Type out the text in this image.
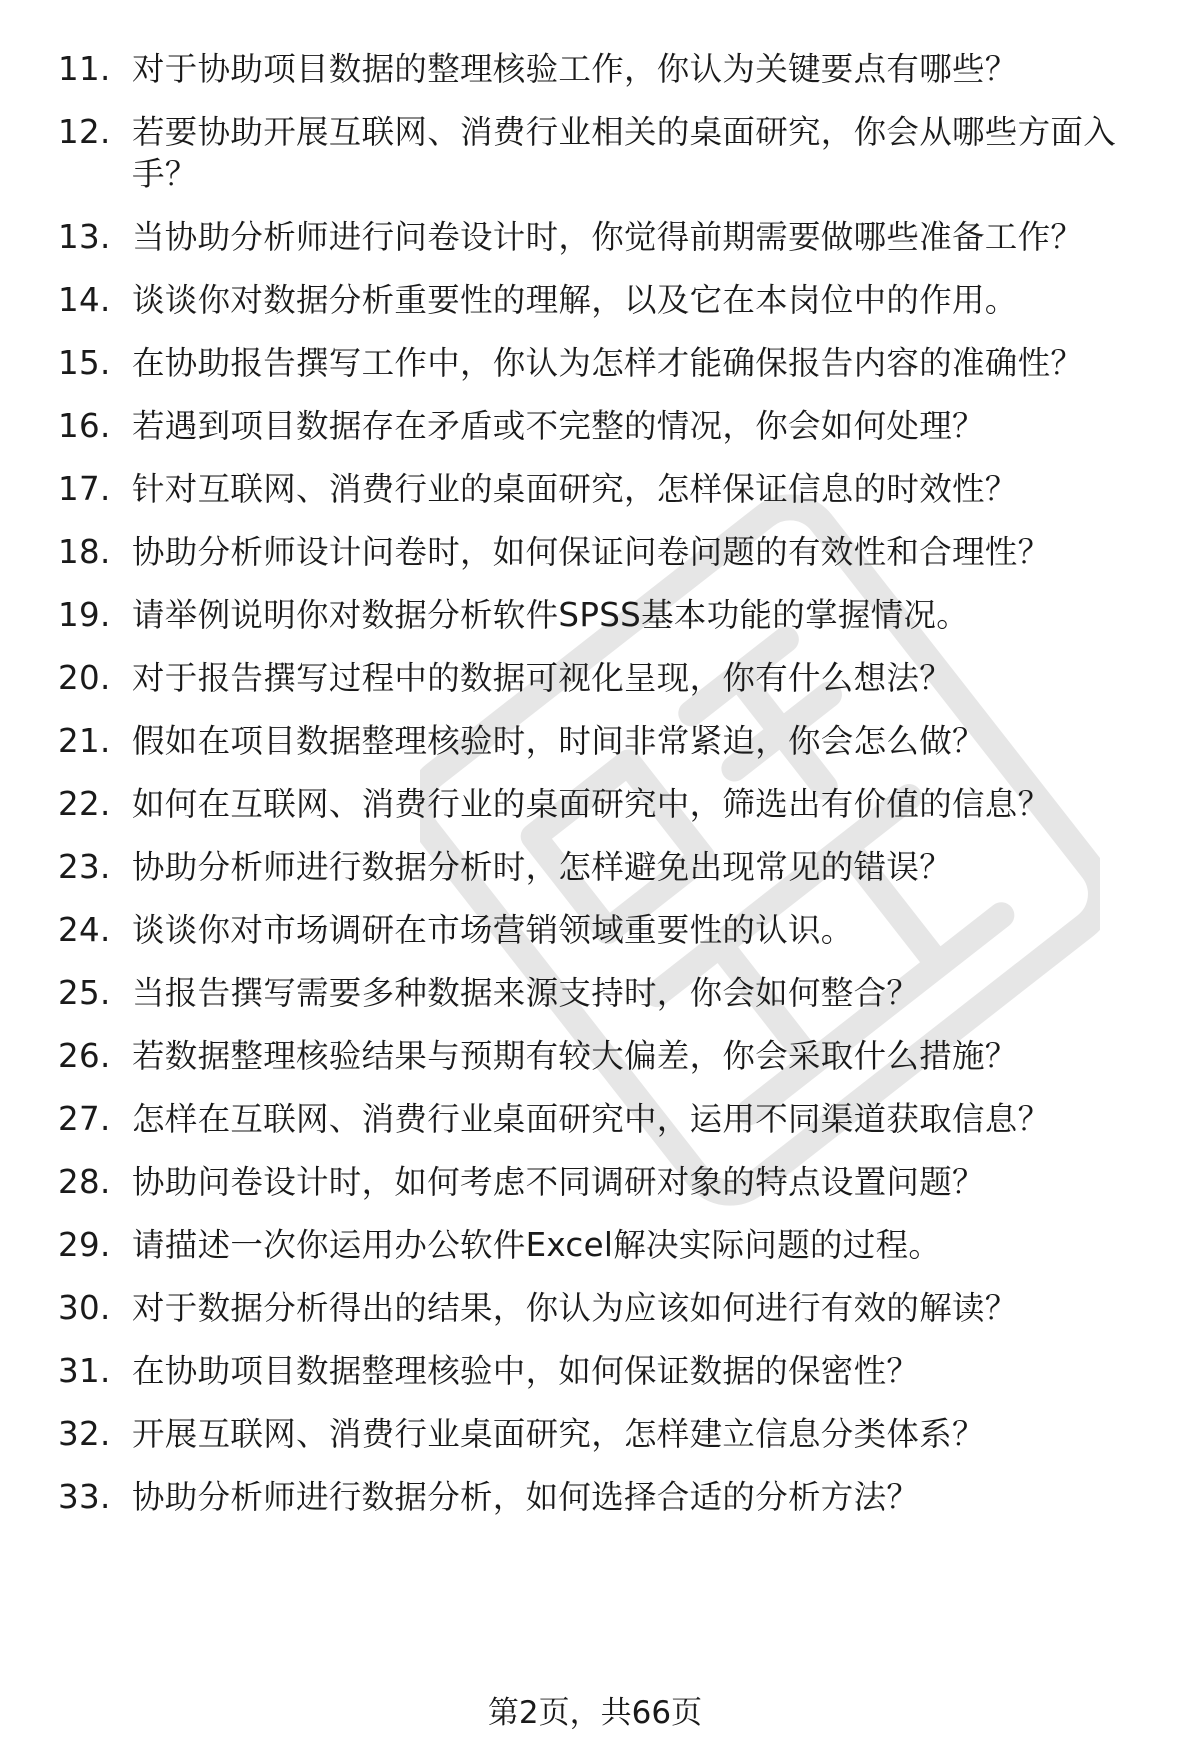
11. 对于协助项目数据的整理核验工作，你认为关键要点有哪些？
12. 若要协助开展互联网、消费行业相关的桌面研究，你会从哪些方面入手？
13. 当协助分析师进行问卷设计时，你觉得前期需要做哪些准备工作？
14. 谈谈你对数据分析重要性的理解，以及它在本岗位中的作用。
15. 在协助报告撰写工作中，你认为怎样才能确保报告内容的准确性？
16. 若遇到项目数据存在矛盾或不完整的情况，你会如何处理？
17. 针对互联网、消费行业的桌面研究，怎样保证信息的时效性？
18. 协助分析师设计问卷时，如何保证问卷问题的有效性和合理性？
19. 请举例说明你对数据分析软件SPSS基本功能的掌握情况。
20. 对于报告撰写过程中的数据可视化呈现，你有什么想法？
21. 假如在项目数据整理核验时，时间非常紧迫，你会怎么做？
22. 如何在互联网、消费行业的桌面研究中，筛选出有价值的信息？
23. 协助分析师进行数据分析时，怎样避免出现常见的错误？
24. 谈谈你对市场调研在市场营销领域重要性的认识。
25. 当报告撰写需要多种数据来源支持时，你会如何整合？
26. 若数据整理核验结果与预期有较大偏差，你会采取什么措施？
27. 怎样在互联网、消费行业桌面研究中，运用不同渠道获取信息？
28. 协助问卷设计时，如何考虑不同调研对象的特点设置问题？
29. 请描述一次你运用办公软件Excel解决实际问题的过程。
30. 对于数据分析得出的结果，你认为应该如何进行有效的解读？
31. 在协助项目数据整理核验中，如何保证数据的保密性？
32. 开展互联网、消费行业桌面研究，怎样建立信息分类体系？
33. 协助分析师进行数据分析，如何选择合适的分析方法？
第2页，共66页
